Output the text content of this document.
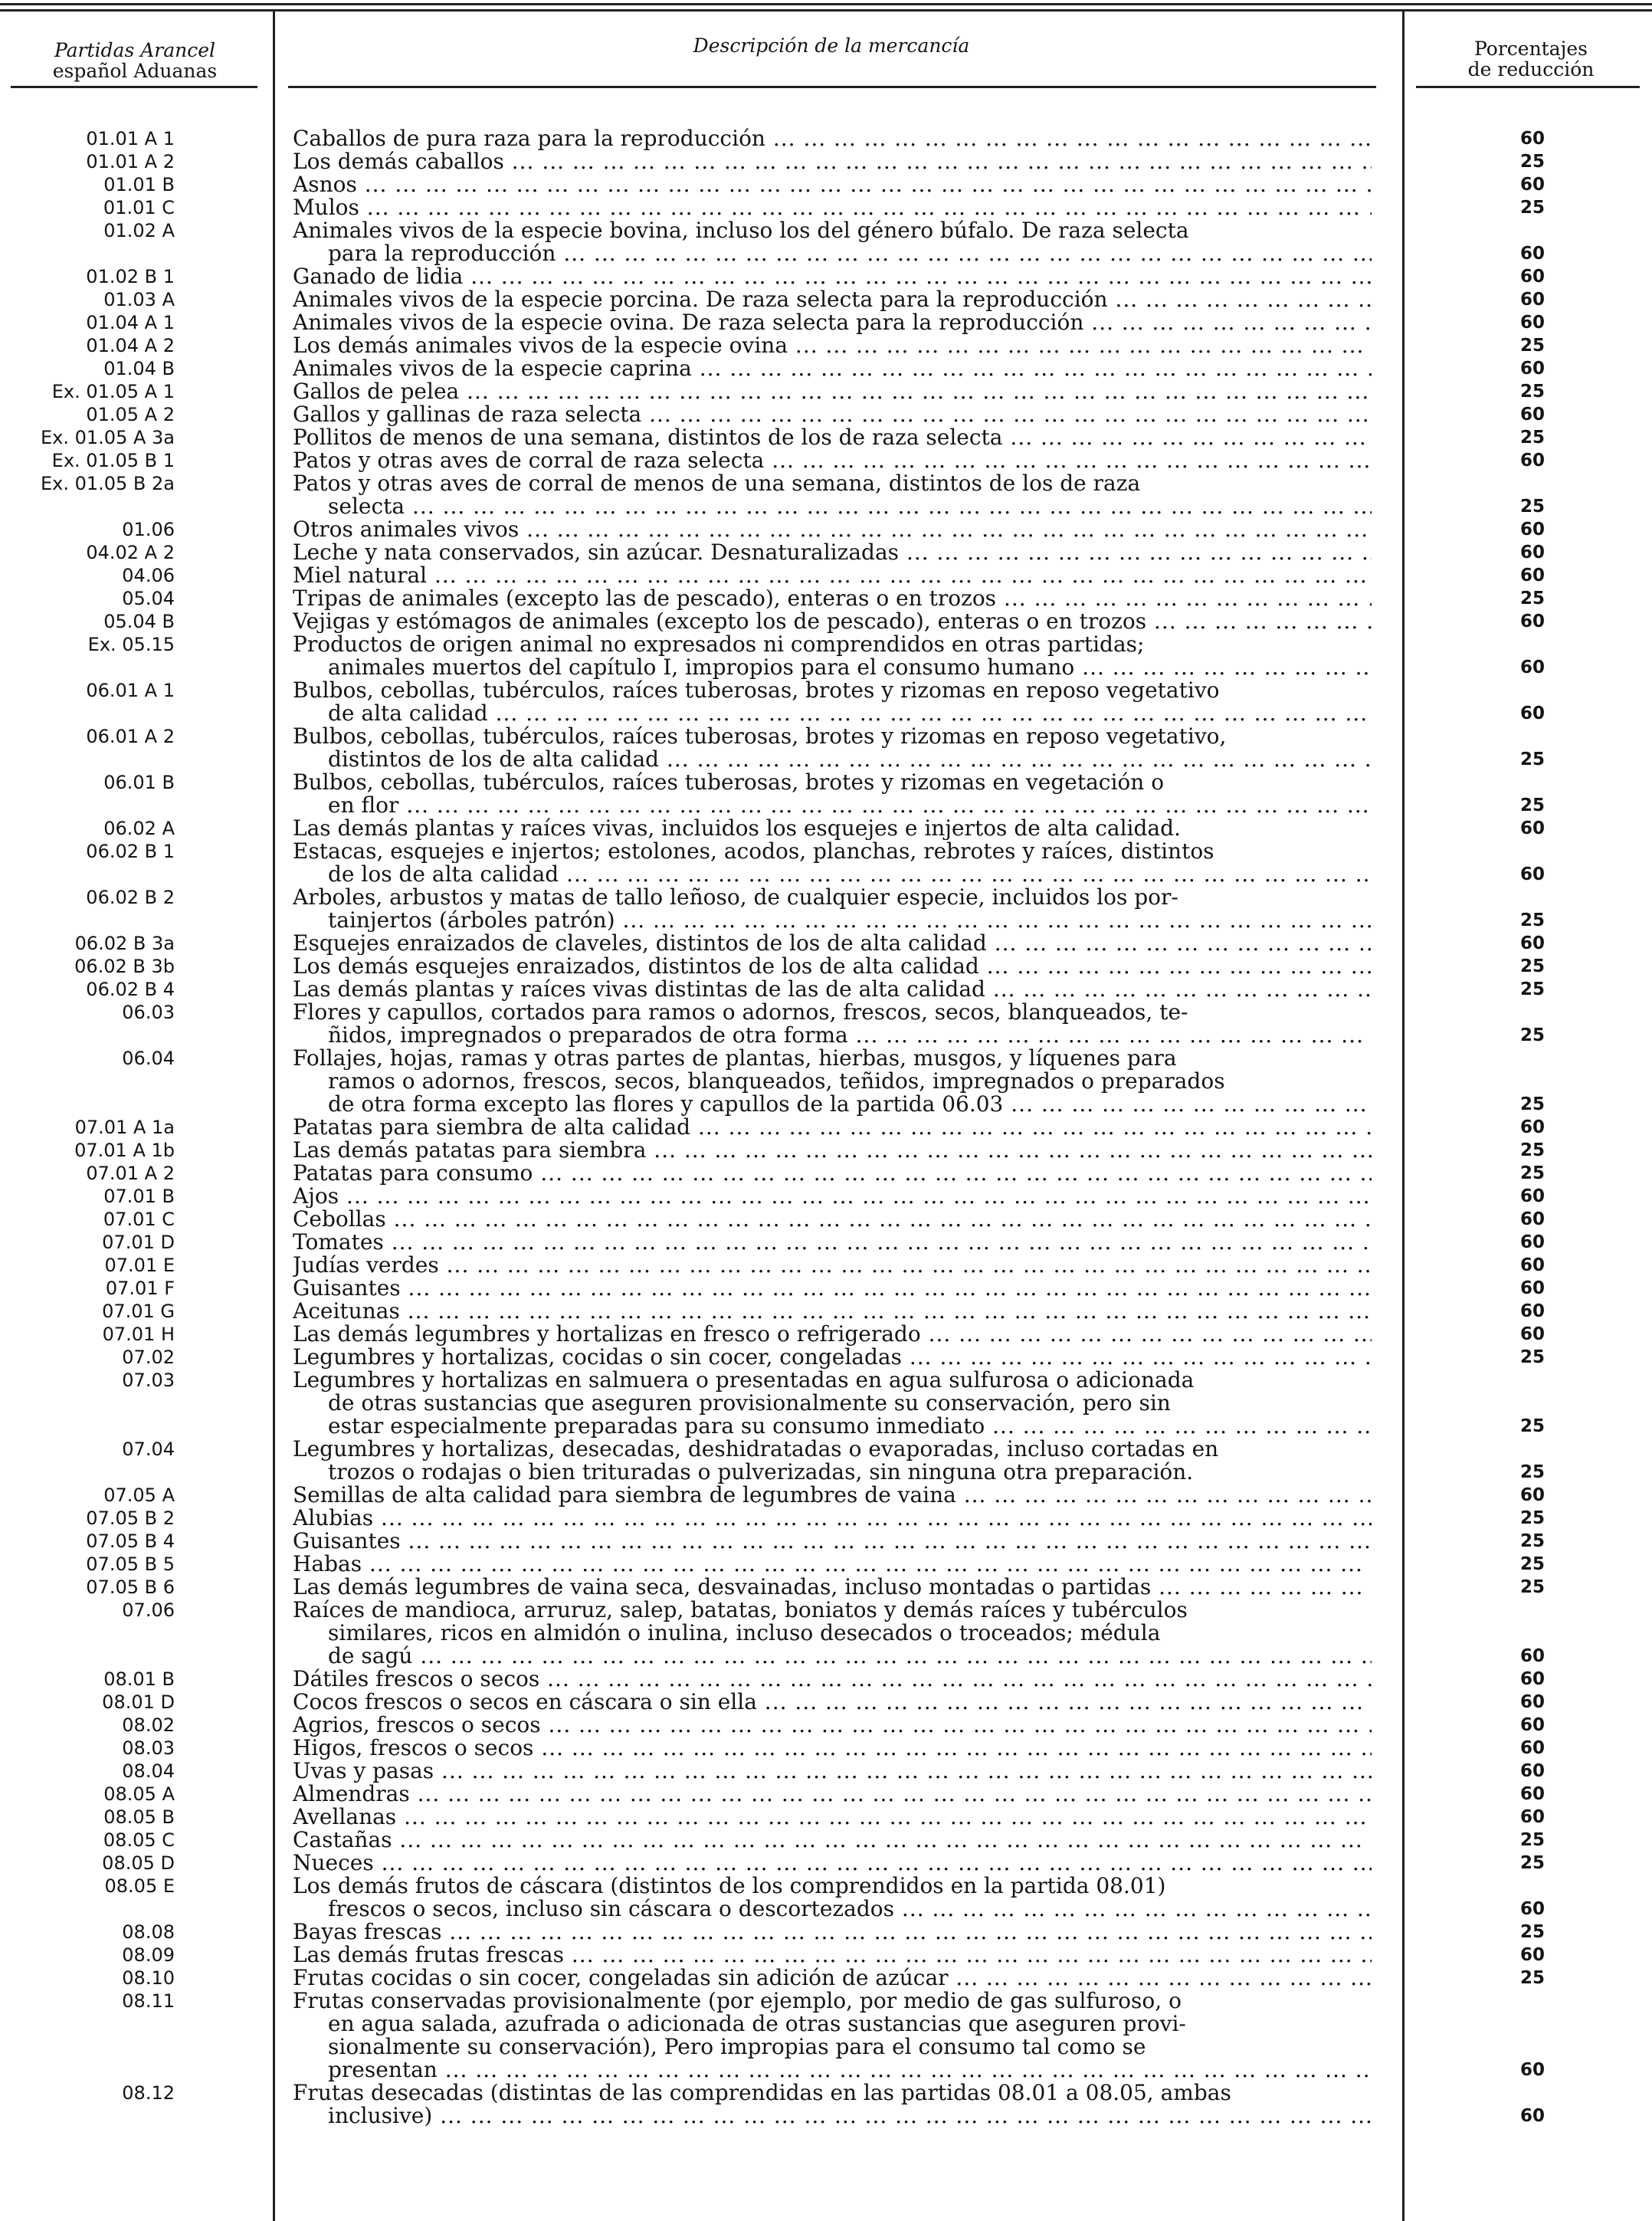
Partidas Arancel
español Aduanas
Descripción de la mercancía	Porcentajes
de reducción
01.01 A 1	Caballos de pura raza para la reproducción ... .	60
01.01 A 2	Los demás caballos ... .	25
01.01 B	Asnos ... .	60
01.01 C	Mulos ... .	25
01.02 A	Animales vivos de la especie bovina, incluso los del género búfalo. De raza selecta
para la reproducción ... .	60
01.02 B 1	Ganado de lidia ... .	60
01.03 A	Animales vivos de la especie porcina. De raza selecta para la reproducción ... .	60
01.04 A 1	Animales vivos de la especie ovina. De raza selecta para la reproducción ... .	60
01.04 A 2	Los demás animales vivos de la especie ovina ... .	25
01.04 B	Animales vivos de la especie caprina ... .	60
Ex. 01.05 A 1	Gallos de pelea ... .	25
01.05 A 2	Gallos y gallinas de raza selecta ... .	60
Ex. 01.05 A 3a	Pollitos de menos de una semana, distintos de los de raza selecta ... .	25
Ex. 01.05 B 1	Patos y otras aves de corral de raza selecta ... .	60
Ex. 01.05 B 2a	Patos y otras aves de corral de menos de una semana, distintos de los de raza
selecta ... .	25
01.06	Otros animales vivos ... .	60
04.02 A 2	Leche y nata conservados, sin azúcar. Desnaturalizadas ... .	60
04.06	Miel natural ... .	60
05.04	Tripas de animales (excepto las de pescado), enteras o en trozos ... .	25
05.04 B	Vejigas y estómagos de animales (excepto los de pescado), enteras o en trozos ... .	60
Ex. 05.15	Productos de origen animal no expresados ni comprendidos en otras partidas;
animales muertos del capítulo I, impropios para el consumo humano ... .	60
06.01 A 1	Bulbos, cebollas, tubérculos, raíces tuberosas, brotes y rizomas en reposo vegetativo
de alta calidad ... .	60
06.01 A 2	Bulbos, cebollas, tubérculos, raíces tuberosas, brotes y rizomas en reposo vegetativo,
distintos de los de alta calidad ... .	25
06.01 B	Bulbos, cebollas, tubérculos, raíces tuberosas, brotes y rizomas en vegetación o
en flor ... .	25
06.02 A	Las demás plantas y raíces vivas, incluidos los esquejes e injertos de alta calidad.	60
06.02 B 1	Estacas, esquejes e injertos; estolones, acodos, planchas, rebrotes y raíces, distintos
de los de alta calidad ... .	60
06.02 B 2	Arboles, arbustos y matas de tallo leñoso, de cualquier especie, incluidos los por-
tainjertos (árboles patrón) ... .	25
06.02 B 3a	Esquejes enraizados de claveles, distintos de los de alta calidad ... .	60
06.02 B 3b	Los demás esquejes enraizados, distintos de los de alta calidad ... .	25
06.02 B 4	Las demás plantas y raíces vivas distintas de las de alta calidad ... .	25
06.03	Flores y capullos, cortados para ramos o adornos, frescos, secos, blanqueados, te-
ñidos, impregnados o preparados de otra forma ... .	25
06.04	Follajes, hojas, ramas y otras partes de plantas, hierbas, musgos, y líquenes para
ramos o adornos, frescos, secos, blanqueados, teñidos, impregnados o preparados
de otra forma excepto las flores y capullos de la partida 06.03 ... .	25
07.01 A 1a	Patatas para siembra de alta calidad ... .	60
07.01 A 1b	Las demás patatas para siembra ... .	25
07.01 A 2	Patatas para consumo ... .	25
07.01 B	Ajos ... .	60
07.01 C	Cebollas ... .	60
07.01 D	Tomates ... .	60
07.01 E	Judías verdes ... .	60
07.01 F	Guisantes ... .	60
07.01 G	Aceitunas ... .	60
07.01 H	Las demás legumbres y hortalizas en fresco o refrigerado ... .	60
07.02	Legumbres y hortalizas, cocidas o sin cocer, congeladas ... .	25
07.03	Legumbres y hortalizas en salmuera o presentadas en agua sulfurosa o adicionada
de otras sustancias que aseguren provisionalmente su conservación, pero sin
estar especialmente preparadas para su consumo inmediato ... .	25
07.04	Legumbres y hortalizas, desecadas, deshidratadas o evaporadas, incluso cortadas en
trozos o rodajas o bien trituradas o pulverizadas, sin ninguna otra preparación.	25
07.05 A	Semillas de alta calidad para siembra de legumbres de vaina ... .	60
07.05 B 2	Alubias ... .	25
07.05 B 4	Guisantes ... .	25
07.05 B 5	Habas ... .	25
07.05 B 6	Las demás legumbres de vaina seca, desvainadas, incluso montadas o partidas ... .	25
07.06	Raíces de mandioca, arruruz, salep, batatas, boniatos y demás raíces y tubérculos
similares, ricos en almidón o inulina, incluso desecados o troceados; médula
de sagú ... .	60
08.01 B	Dátiles frescos o secos ... .	60
08.01 D	Cocos frescos o secos en cáscara o sin ella ... .	60
08.02	Agrios, frescos o secos ... .	60
08.03	Higos, frescos o secos ... .	60
08.04	Uvas y pasas ... .	60
08.05 A	Almendras ... .	60
08.05 B	Avellanas ... .	60
08.05 C	Castañas ... .	25
08.05 D	Nueces ... .	25
08.05 E	Los demás frutos de cáscara (distintos de los comprendidos en la partida 08.01)
frescos o secos, incluso sin cáscara o descortezados ... .	60
08.08	Bayas frescas ... .	25
08.09	Las demás frutas frescas ... .	60
08.10	Frutas cocidas o sin cocer, congeladas sin adición de azúcar ... .	25
08.11	Frutas conservadas provisionalmente (por ejemplo, por medio de gas sulfuroso, o
en agua salada, azufrada o adicionada de otras sustancias que aseguren provi-
sionalmente su conservación), Pero impropias para el consumo tal como se
presentan ... .	60
08.12	Frutas desecadas (distintas de las comprendidas en las partidas 08.01 a 08.05, ambas
inclusive) ... .	60
